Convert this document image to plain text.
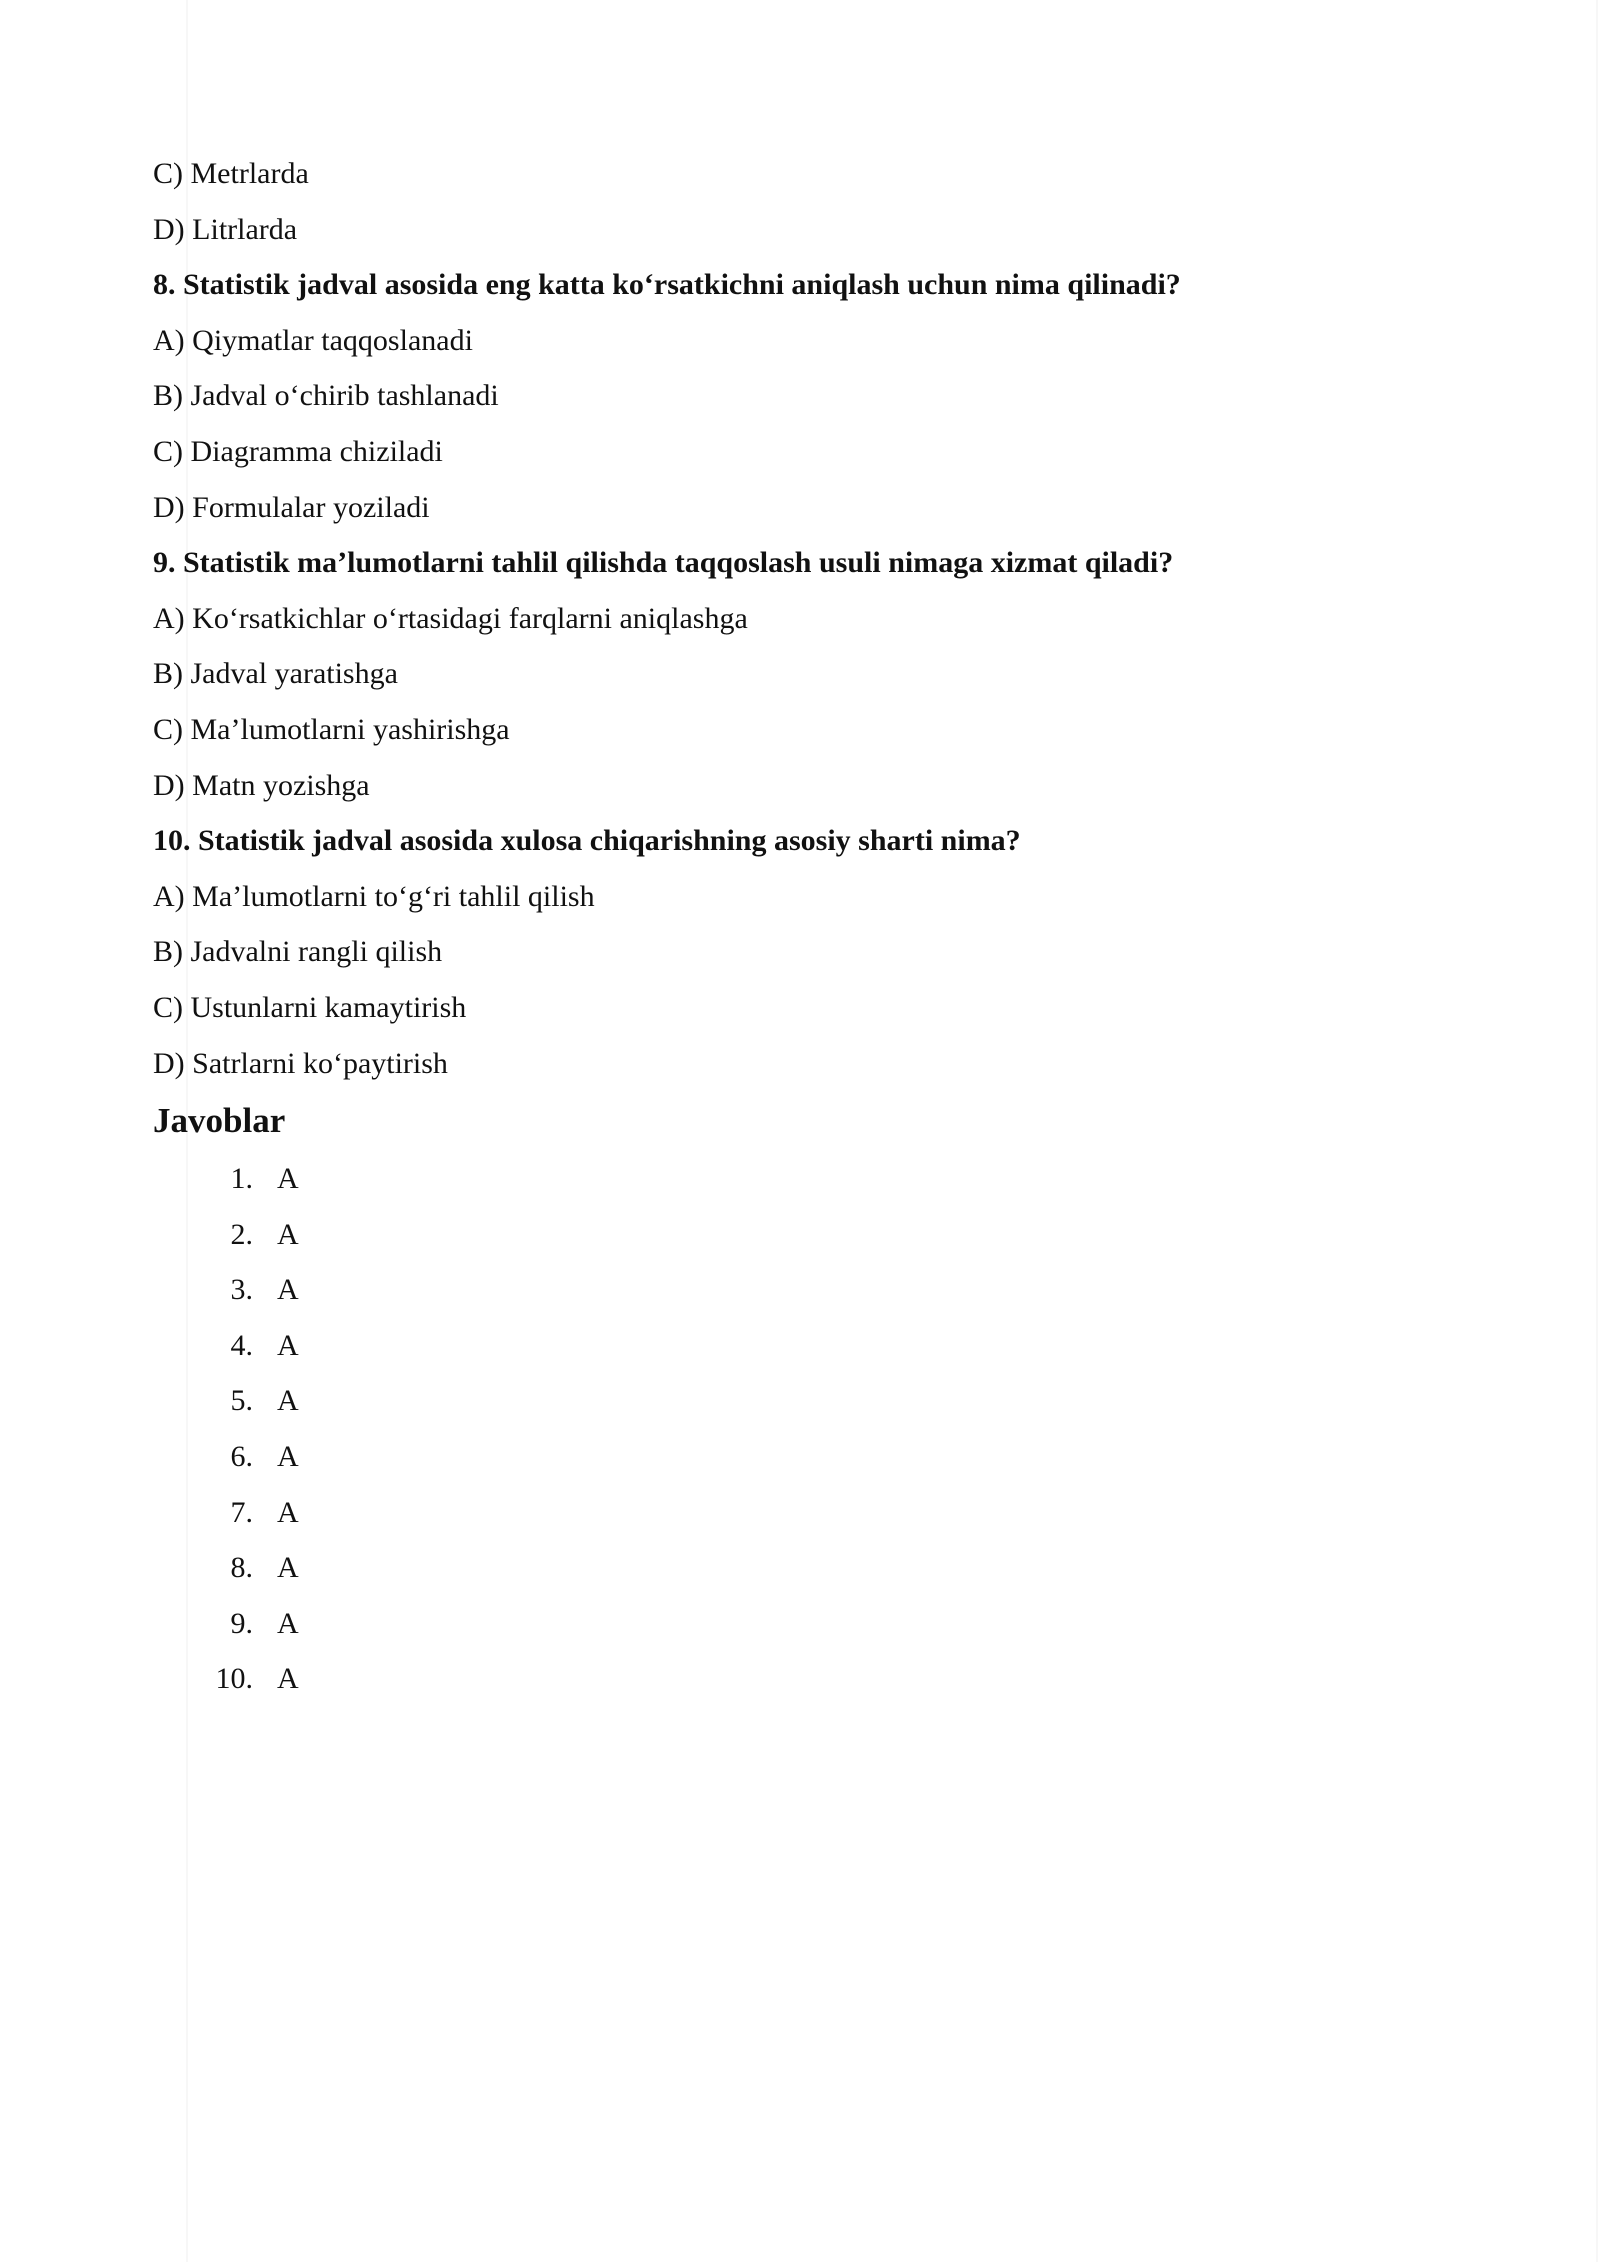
C) Metrlarda
D) Litrlarda
8. Statistik jadval asosida eng katta ko‘rsatkichni aniqlash uchun nima qilinadi?
A) Qiymatlar taqqoslanadi
B) Jadval o‘chirib tashlanadi
C) Diagramma chiziladi
D) Formulalar yoziladi
9. Statistik ma’lumotlarni tahlil qilishda taqqoslash usuli nimaga xizmat qiladi?
A) Ko‘rsatkichlar o‘rtasidagi farqlarni aniqlashga
B) Jadval yaratishga
C) Ma’lumotlarni yashirishga
D) Matn yozishga
10. Statistik jadval asosida xulosa chiqarishning asosiy sharti nima?
A) Ma’lumotlarni to‘g‘ri tahlil qilish
B) Jadvalni rangli qilish
C) Ustunlarni kamaytirish
D) Satrlarni ko‘paytirish
Javoblar
1. A
2. A
3. A
4. A
5. A
6. A
7. A
8. A
9. A
10. A
